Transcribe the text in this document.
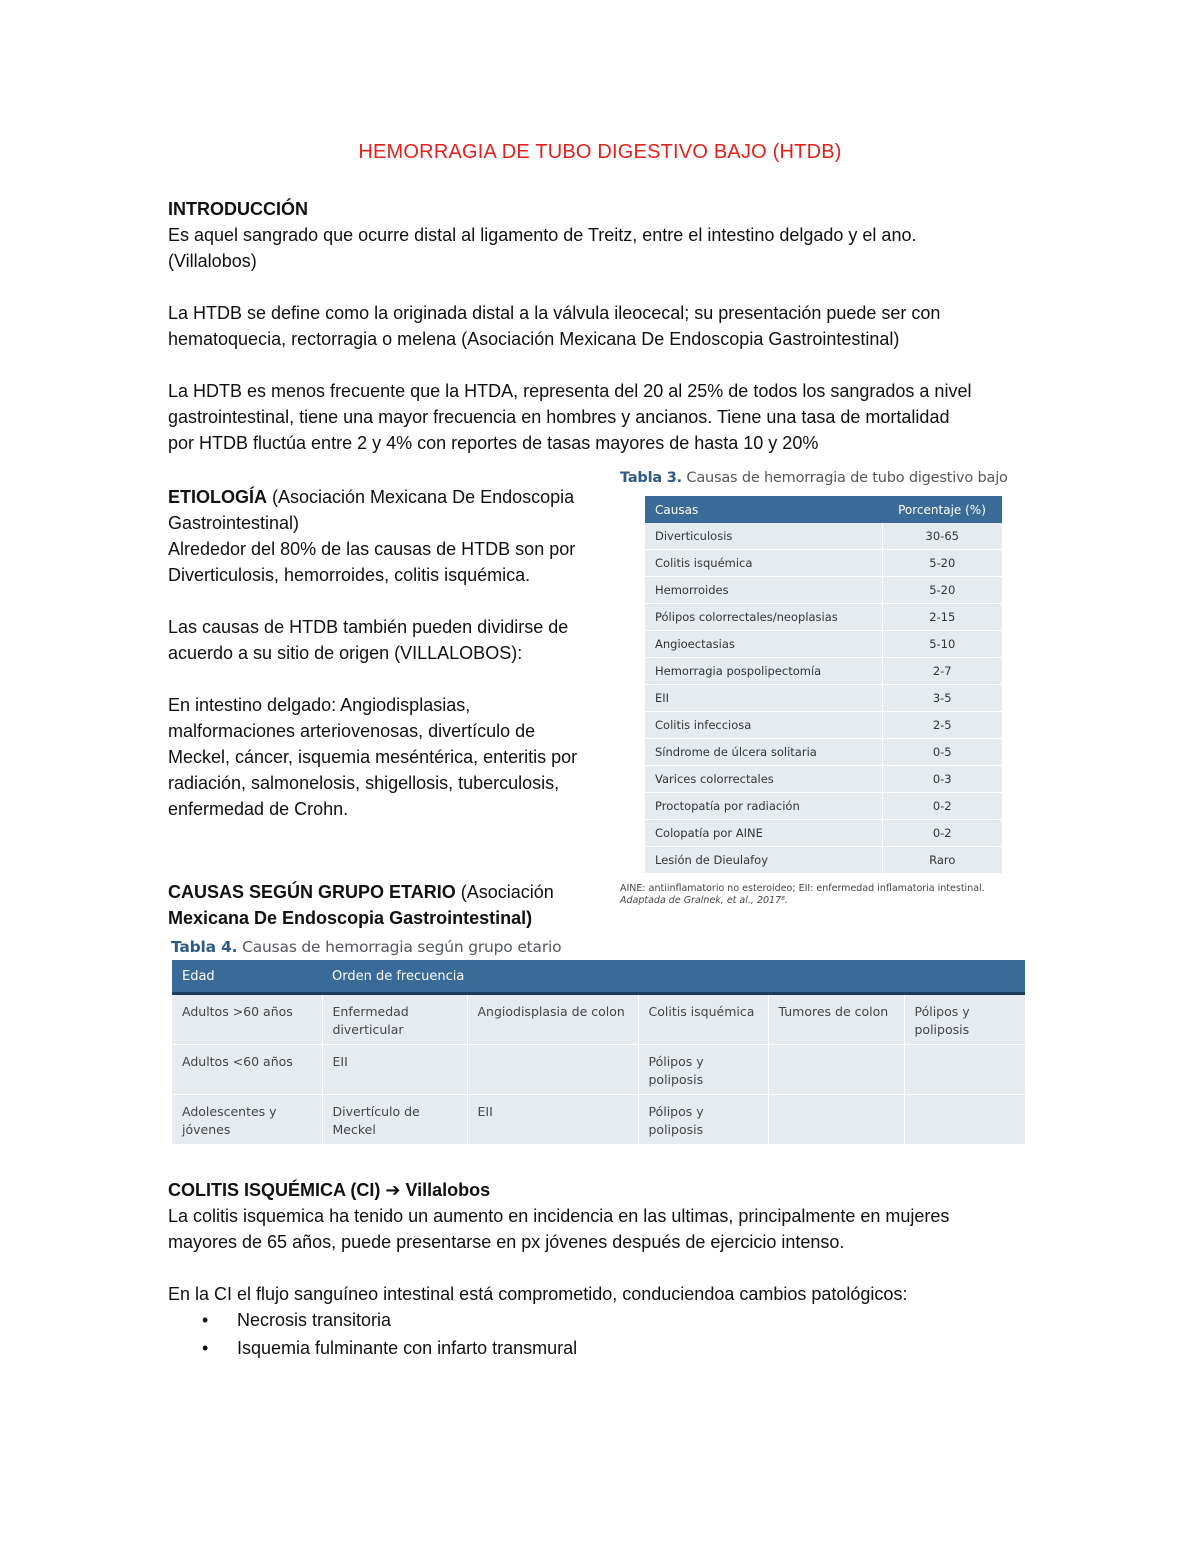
HEMORRAGIA DE TUBO DIGESTIVO BAJO (HTDB)

INTRODUCCIÓN

Es aquel sangrado que ocurre distal al ligamento de Treitz, entre el intestino delgado y el ano.

(Villalobos)

La HTDB se define como la originada distal a la válvula ileocecal; su presentación puede ser con

hematoquecia, rectorragia o melena (Asociación Mexicana De Endoscopia Gastrointestinal)

La HDTB es menos frecuente que la HTDA, representa del 20 al 25% de todos los sangrados a nivel

gastrointestinal, tiene una mayor frecuencia en hombres y ancianos. Tiene una tasa de mortalidad

por HTDB fluctúa entre 2 y 4% con reportes de tasas mayores de hasta 10 y 20%

ETIOLOGÍA (Asociación Mexicana De Endoscopia

Gastrointestinal)

Alrededor del 80% de las causas de HTDB son por

Diverticulosis, hemorroides, colitis isquémica.

Las causas de HTDB también pueden dividirse de

acuerdo a su sitio de origen (VILLALOBOS):

En intestino delgado: Angiodisplasias,

malformaciones arteriovenosas, divertículo de

Meckel, cáncer, isquemia meséntérica, enteritis por

radiación, salmonelosis, shigellosis, tuberculosis,

enfermedad de Crohn.

Tabla 3. Causas de hemorragia de tubo digestivo bajo
Causas	Porcentaje (%)
Diverticulosis	30-65
Colitis isquémica	5-20
Hemorroides	5-20
Pólipos colorrectales/neoplasias	2-15
Angioectasias	5-10
Hemorragia pospolipectomía	2-7
EII	3-5
Colitis infecciosa	2-5
Síndrome de úlcera solitaria	0-5
Varices colorrectales	0-3
Proctopatía por radiación	0-2
Colopatía por AINE	0-2
Lesión de Dieulafoy	Raro
AINE: antiinflamatorio no esteroideo; EII: enfermedad inflamatoria intestinal.
Adaptada de Gralnek, et al., 2017⁸.

CAUSAS SEGÚN GRUPO ETARIO (Asociación

Mexicana De Endoscopia Gastrointestinal)

Tabla 4. Causas de hemorragia según grupo etario
Edad	Orden de frecuencia				
Adultos >60 años	Enfermedad diverticular	Angiodisplasia de colon	Colitis isquémica	Tumores de colon	Pólipos y poliposis
Adultos <60 años	EII		Pólipos y poliposis		
Adolescentes y jóvenes	Divertículo de Meckel	EII	Pólipos y poliposis		

COLITIS ISQUÉMICA (CI) ➔ Villalobos

La colitis isquemica ha tenido un aumento en incidencia en las ultimas, principalmente en mujeres

mayores de 65 años, puede presentarse en px jóvenes después de ejercicio intenso.

En la CI el flujo sanguíneo intestinal está comprometido, conduciendoa cambios patológicos:

• Necrosis transitoria
• Isquemia fulminante con infarto transmural
